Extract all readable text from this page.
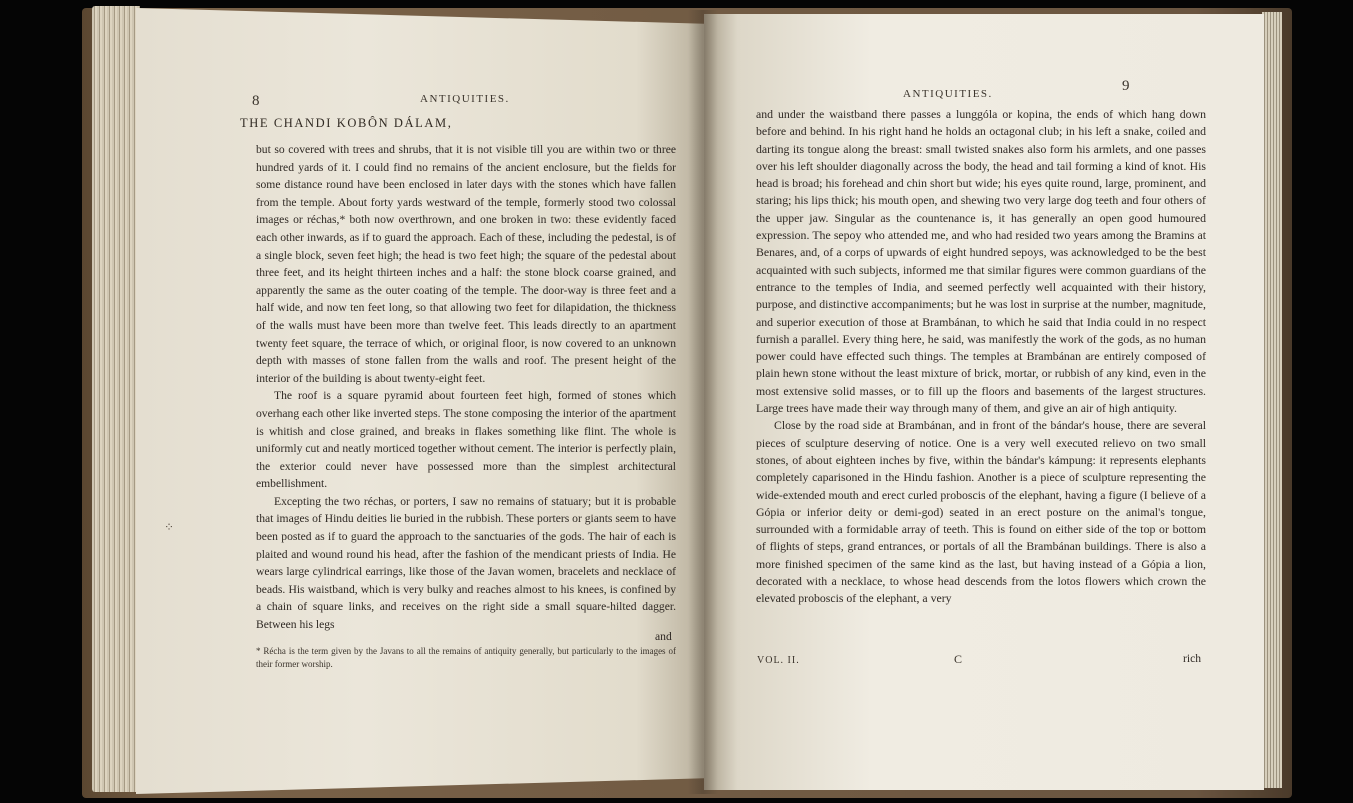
8	ANTIQUITIES.
THE CHANDI KOBÔN DÁLAM,

but so covered with trees and shrubs, that it is not visible till you are within two or three hundred yards of it. I could find no remains of the ancient enclosure, but the fields for some distance round have been enclosed in later days with the stones which have fallen from the temple. About forty yards westward of the temple, formerly stood two colossal images or réchas,* both now overthrown, and one broken in two: these evidently faced each other inwards, as if to guard the approach. Each of these, including the pedestal, is of a single block, seven feet high; the head is two feet high; the square of the pedestal about three feet, and its height thirteen inches and a half: the stone block coarse grained, and apparently the same as the outer coating of the temple. The door-way is three feet and a half wide, and now ten feet long, so that allowing two feet for dilapidation, the thickness of the walls must have been more than twelve feet. This leads directly to an apartment twenty feet square, the terrace of which, or original floor, is now covered to an unknown depth with masses of stone fallen from the walls and roof. The present height of the interior of the building is about twenty-eight feet.

The roof is a square pyramid about fourteen feet high, formed of stones which overhang each other like inverted steps. The stone composing the interior of the apartment is whitish and close grained, and breaks in flakes something like flint. The whole is uniformly cut and neatly morticed together without cement. The interior is perfectly plain, the exterior could never have possessed more than the simplest architectural embellishment.

Excepting the two réchas, or porters, I saw no remains of statuary; but it is probable that images of Hindu deities lie buried in the rubbish. These porters or giants seem to have been posted as if to guard the approach to the sanctuaries of the gods. The hair of each is plaited and wound round his head, after the fashion of the mendicant priests of India. He wears large cylindrical earrings, like those of the Javan women, bracelets and necklace of beads. His waistband, which is very bulky and reaches almost to his knees, is confined by a chain of square links, and receives on the right side a small square-hilted dagger. Between his legs

and
* Récha is the term given by the Javans to all the remains of antiquity generally, but particularly to the images of their former worship.
⁘
ANTIQUITIES.	9

and under the waistband there passes a lunggóla or kopina, the ends of which hang down before and behind. In his right hand he holds an octagonal club; in his left a snake, coiled and darting its tongue along the breast: small twisted snakes also form his armlets, and one passes over his left shoulder diagonally across the body, the head and tail forming a kind of knot. His head is broad; his forehead and chin short but wide; his eyes quite round, large, prominent, and staring; his lips thick; his mouth open, and shewing two very large dog teeth and four others of the upper jaw. Singular as the countenance is, it has generally an open good humoured expression. The sepoy who attended me, and who had resided two years among the Bramins at Benares, and, of a corps of upwards of eight hundred sepoys, was acknowledged to be the best acquainted with such subjects, informed me that similar figures were common guardians of the entrance to the temples of India, and seemed perfectly well acquainted with their history, purpose, and distinctive accompaniments; but he was lost in surprise at the number, magnitude, and superior execution of those at Brambánan, to which he said that India could in no respect furnish a parallel. Every thing here, he said, was manifestly the work of the gods, as no human power could have effected such things. The temples at Brambánan are entirely composed of plain hewn stone without the least mixture of brick, mortar, or rubbish of any kind, even in the most extensive solid masses, or to fill up the floors and basements of the largest structures. Large trees have made their way through many of them, and give an air of high antiquity.

Close by the road side at Brambánan, and in front of the bándar's house, there are several pieces of sculpture deserving of notice. One is a very well executed relievo on two small stones, of about eighteen inches by five, within the bándar's kámpung: it represents elephants completely caparisoned in the Hindu fashion. Another is a piece of sculpture representing the wide-extended mouth and erect curled proboscis of the elephant, having a figure (I believe of a Gópia or inferior deity or demi-god) seated in an erect posture on the animal's tongue, surrounded with a formidable array of teeth. This is found on either side of the top or bottom of flights of steps, grand entrances, or portals of all the Brambánan buildings. There is also a more finished specimen of the same kind as the last, but having instead of a Gópia a lion, decorated with a necklace, to whose head descends from the lotos flowers which crown the elevated proboscis of the elephant, a very

VOL. II.	C	rich
